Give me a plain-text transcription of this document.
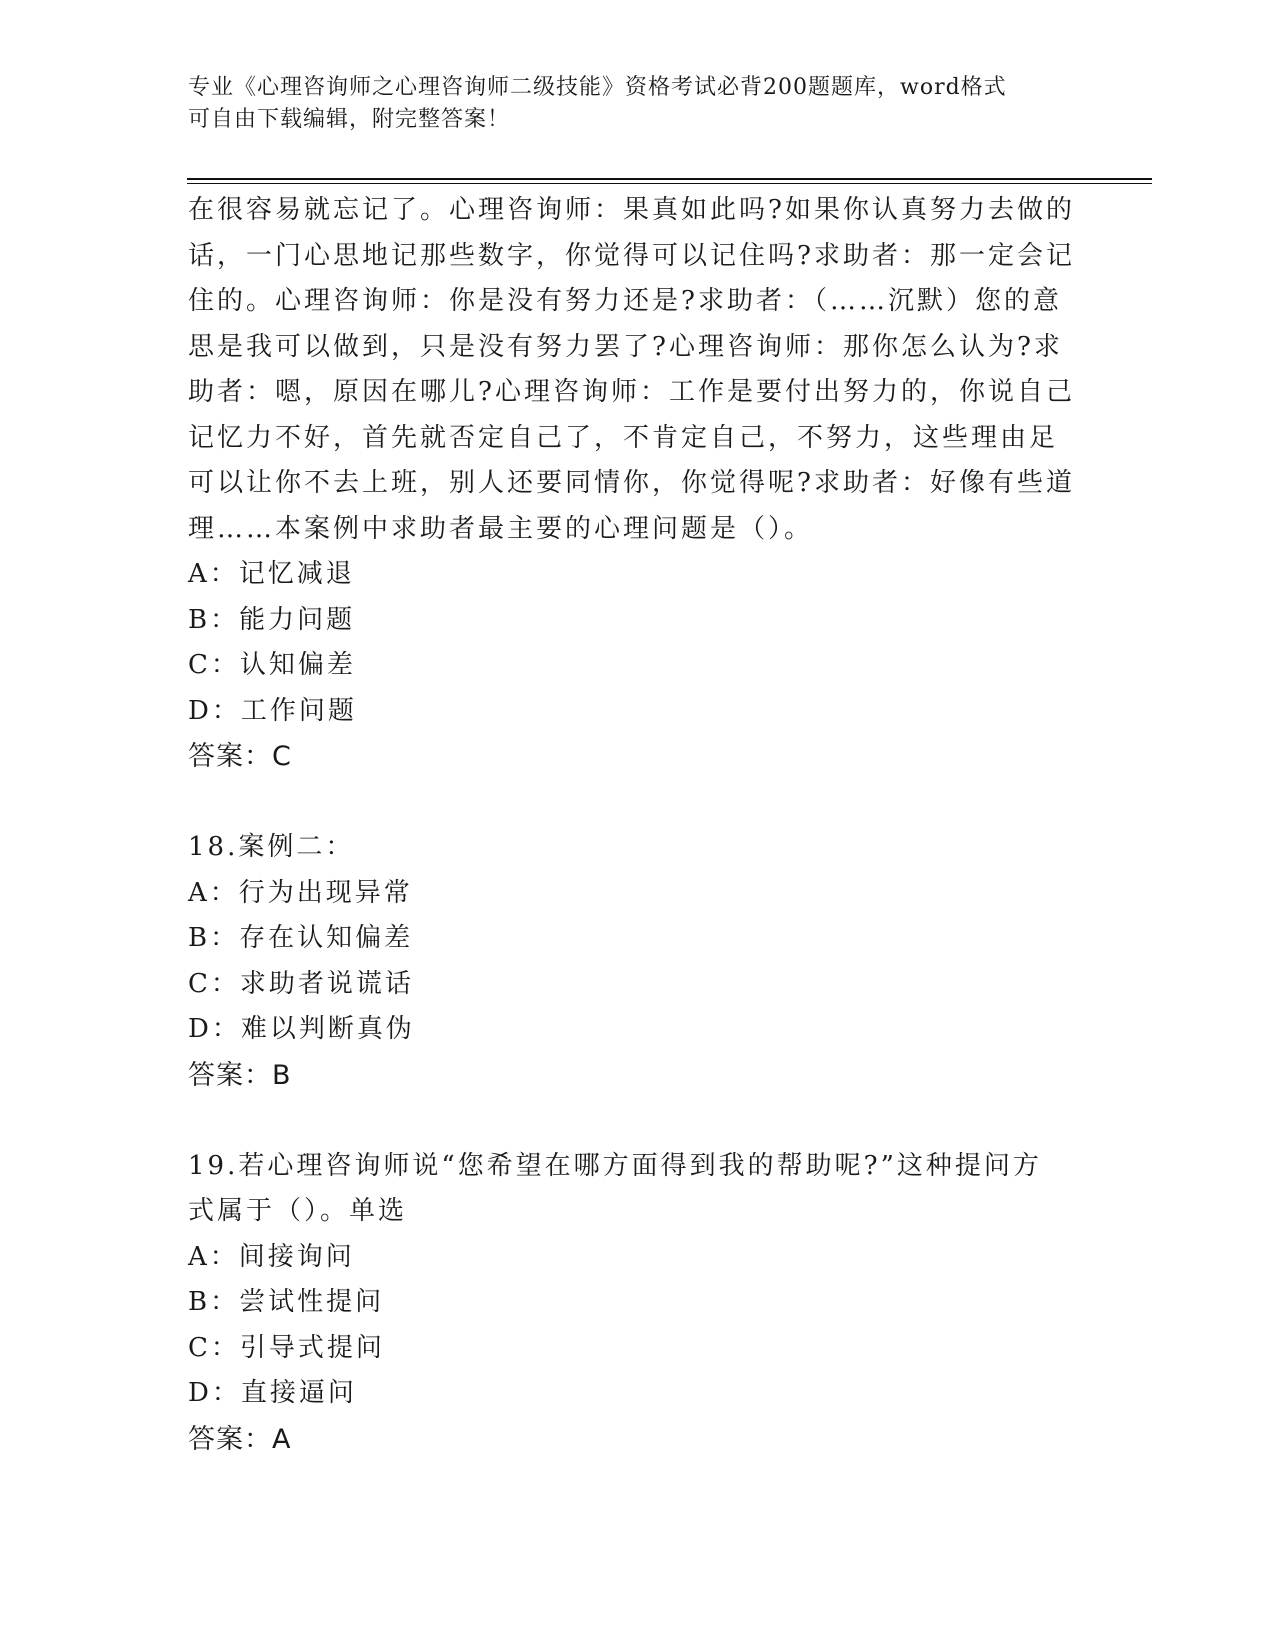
专业《心理咨询师之心理咨询师二级技能》资格考试必背200题题库，word格式
可自由下载编辑，附完整答案！
在很容易就忘记了。心理咨询师：果真如此吗?如果你认真努力去做的
话，一门心思地记那些数字，你觉得可以记住吗?求助者：那一定会记
住的。心理咨询师：你是没有努力还是?求助者：（……沉默）您的意
思是我可以做到，只是没有努力罢了?心理咨询师：那你怎么认为?求
助者：嗯，原因在哪儿?心理咨询师：工作是要付出努力的，你说自己
记忆力不好，首先就否定自己了，不肯定自己，不努力，这些理由足
可以让你不去上班，别人还要同情你，你觉得呢?求助者：好像有些道
理……本案例中求助者最主要的心理问题是（）。
A：记忆减退
B：能力问题
C：认知偏差
D：工作问题
答案：C
18.案例二：
A：行为出现异常
B：存在认知偏差
C：求助者说谎话
D：难以判断真伪
答案：B
19.若心理咨询师说“您希望在哪方面得到我的帮助呢?”这种提问方
式属于（）。单选
A：间接询问
B：尝试性提问
C：引导式提问
D：直接逼问
答案：A
